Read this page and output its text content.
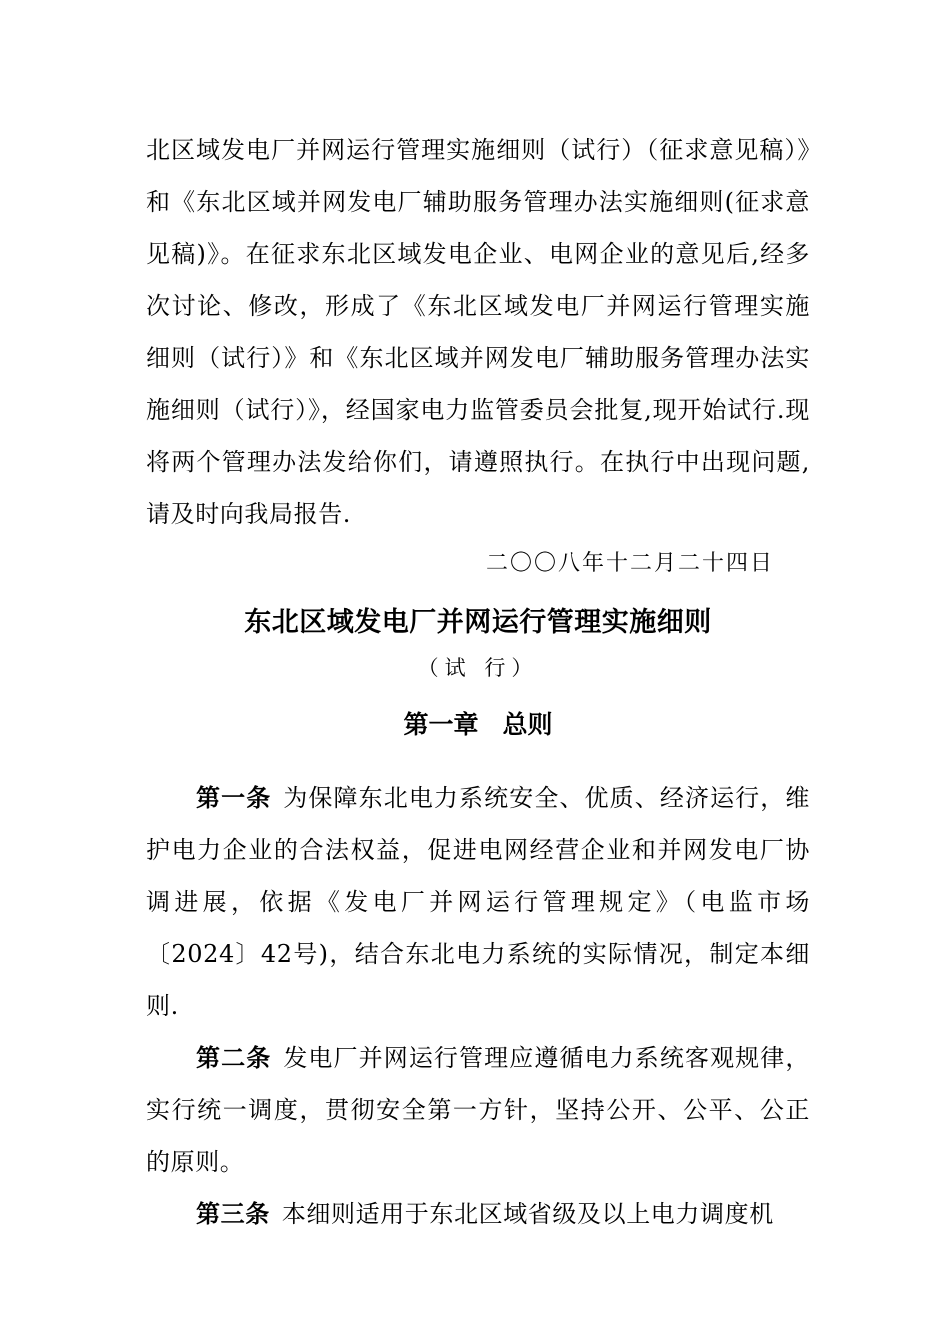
北区域发电厂并网运行管理实施细则（试行）（征求意见稿）》和《东北区域并网发电厂辅助服务管理办法实施细则(征求意见稿)》。在征求东北区域发电企业、电网企业的意见后,经多次讨论、修改，形成了《东北区域发电厂并网运行管理实施细则（试行）》和《东北区域并网发电厂辅助服务管理办法实施细则（试行）》，经国家电力监管委员会批复,现开始试行.现将两个管理办法发给你们，请遵照执行。在执行中出现问题,请及时向我局报告.

二〇〇八年十二月二十四日

东北区域发电厂并网运行管理实施细则
（试 行）
第一章 总则

第一条 为保障东北电力系统安全、优质、经济运行，维护电力企业的合法权益，促进电网经营企业和并网发电厂协调进展，依据《发电厂并网运行管理规定》（电监市场〔2024〕42号)，结合东北电力系统的实际情况，制定本细则.

第二条 发电厂并网运行管理应遵循电力系统客观规律，实行统一调度，贯彻安全第一方针，坚持公开、公平、公正的原则。

第三条 本细则适用于东北区域省级及以上电力调度机
